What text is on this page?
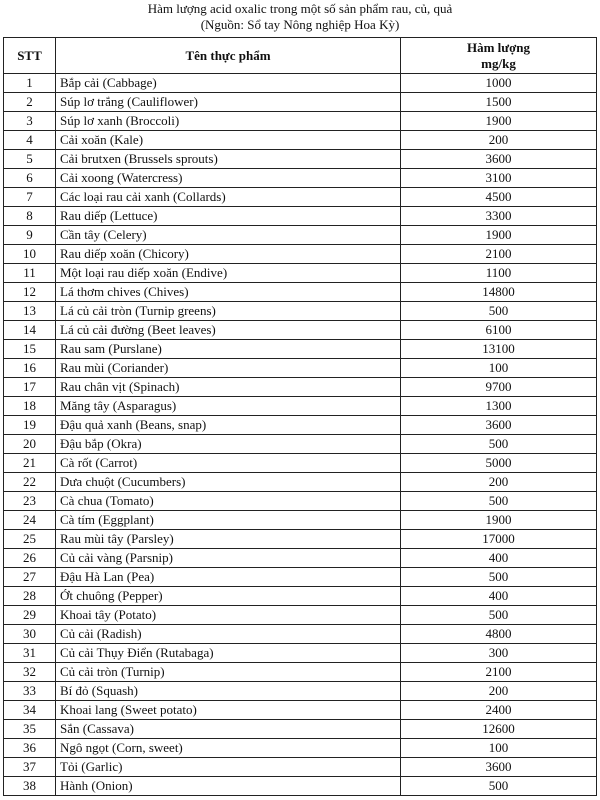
Hàm lượng acid oxalic trong một số sản phẩm rau, củ, quả
(Nguồn: Sổ tay Nông nghiệp Hoa Kỳ)
STT	Tên thực phẩm	Hàm lượng
mg/kg

1	Bắp cải (Cabbage)	1000
2	Súp lơ trắng (Cauliflower)	1500
3	Súp lơ xanh (Broccoli)	1900
4	Cải xoăn (Kale)	200
5	Cải brutxen (Brussels sprouts)	3600
6	Cải xoong (Watercress)	3100
7	Các loại rau cải xanh (Collards)	4500
8	Rau diếp (Lettuce)	3300
9	Cần tây (Celery)	1900
10	Rau diếp xoăn (Chicory)	2100
11	Một loại rau diếp xoăn (Endive)	1100
12	Lá thơm chives (Chives)	14800
13	Lá củ cải tròn (Turnip greens)	500
14	Lá củ cải đường (Beet leaves)	6100
15	Rau sam (Purslane)	13100
16	Rau mùi (Coriander)	100
17	Rau chân vịt (Spinach)	9700
18	Măng tây (Asparagus)	1300
19	Đậu quả xanh (Beans, snap)	3600
20	Đậu bắp (Okra)	500
21	Cà rốt (Carrot)	5000
22	Dưa chuột (Cucumbers)	200
23	Cà chua (Tomato)	500
24	Cà tím (Eggplant)	1900
25	Rau mùi tây (Parsley)	17000
26	Củ cải vàng (Parsnip)	400
27	Đậu Hà Lan (Pea)	500
28	Ớt chuông (Pepper)	400
29	Khoai tây (Potato)	500
30	Củ cải (Radish)	4800
31	Củ cải Thụy Điển (Rutabaga)	300
32	Củ cải tròn (Turnip)	2100
33	Bí đỏ (Squash)	200
34	Khoai lang (Sweet potato)	2400
35	Sắn (Cassava)	12600
36	Ngô ngọt (Corn, sweet)	100
37	Tỏi (Garlic)	3600
38	Hành (Onion)	500
